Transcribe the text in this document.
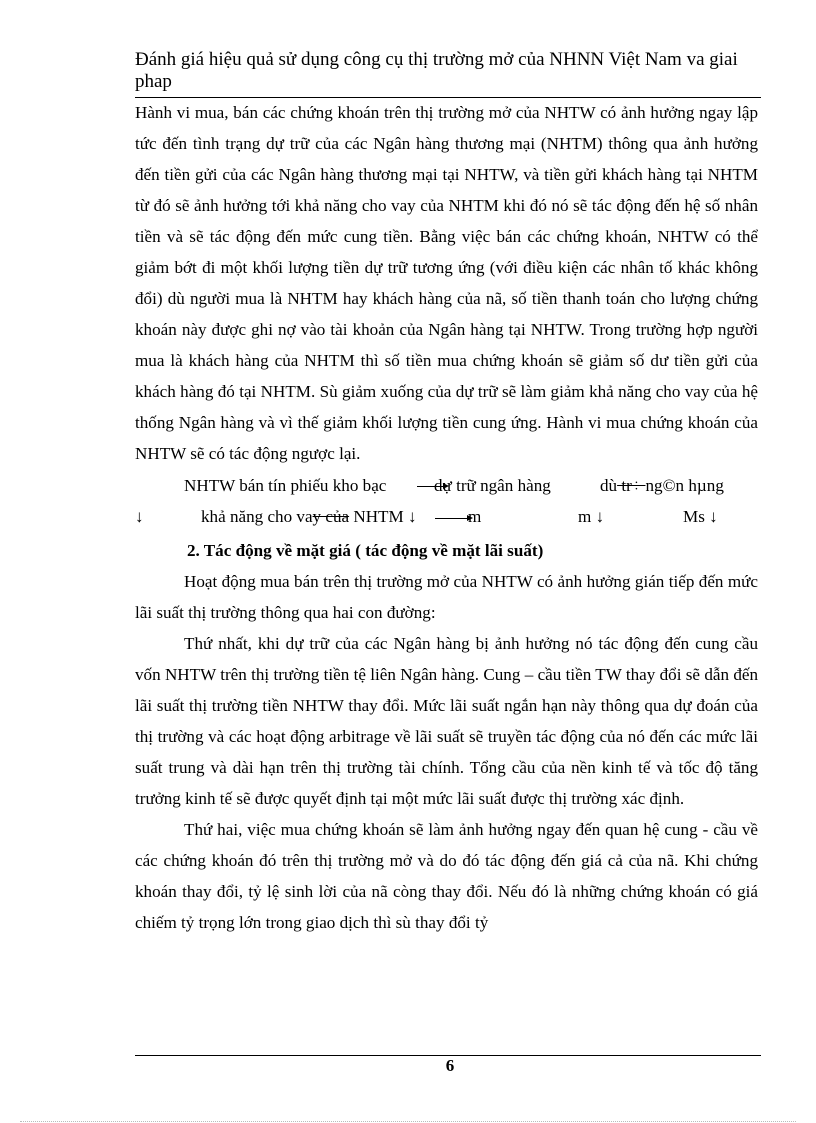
Đánh giá hiệu quả sử dụng công cụ thị trường mở của NHNN Việt Nam va giai phap

Hành vi mua, bán các chứng khoán trên thị trường mở của NHTW có ảnh hưởng ngay lập tức đến tình trạng dự trữ của các Ngân hàng thương mại (NHTM) thông qua ảnh hưởng đến tiền gửi của các Ngân hàng thương mại tại NHTW, và tiền gửi khách hàng tại NHTM từ đó sẽ ảnh hưởng tới khả năng cho vay của NHTM khi đó nó sẽ tác động đến hệ số nhân tiền và sẽ tác động đến mức cung tiền. Bằng việc bán các chứng khoán, NHTW có thể giảm bớt đi một khối lượng tiền dự trữ tương ứng (với điều kiện các nhân tố khác không đổi) dù người mua là NHTM hay khách hàng của nã, số tiền thanh toán cho lượng chứng khoán này được ghi nợ vào tài khoản của Ngân hàng tại NHTW. Trong trường hợp người mua là khách hàng của NHTM thì số tiền mua chứng khoán sẽ giảm số dư tiền gửi của khách hàng đó tại NHTM. Sù giảm xuống của dự trữ sẽ làm giảm khả năng cho vay của hệ thống Ngân hàng và vì thế giảm khối lượng tiền cung ứng. Hành vi mua chứng khoán của NHTW sẽ có tác động ngược lại.

NHTW bán tín phiếu kho bạc	dự trữ ngân hàng	dù tr÷ ng©n hµng
↓	khả năng cho vay của NHTM ↓	m	m ↓	Ms ↓

2. Tác động về mặt giá ( tác động về mặt lãi suất)

Hoạt động mua bán trên thị trường mở của NHTW có ảnh hưởng gián tiếp đến mức lãi suất thị trường thông qua hai con đường:

Thứ nhất, khi dự trữ của các Ngân hàng bị ảnh hưởng nó tác động đến cung cầu vốn NHTW trên thị trường tiền tệ liên Ngân hàng. Cung – cầu tiền TW thay đổi sẽ dẫn đến lãi suất thị trường tiền NHTW thay đổi. Mức lãi suất ngắn hạn này thông qua dự đoán của thị trường và các hoạt động arbitrage về lãi suất sẽ truyền tác động của nó đến các mức lãi suất trung và dài hạn trên thị trường tài chính. Tổng cầu của nền kinh tế và tốc độ tăng trưởng kinh tế sẽ được quyết định tại một mức lãi suất được thị trường xác định.

Thứ hai, việc mua chứng khoán sẽ làm ảnh hưởng ngay đến quan hệ cung - cầu về các chứng khoán đó trên thị trường mở và do đó tác động đến giá cả của nã. Khi chứng khoán thay đổi, tỷ lệ sinh lời của nã còng thay đổi. Nếu đó là những chứng khoán có giá chiếm tỷ trọng lớn trong giao dịch thì sù thay đổi tỷ

6
